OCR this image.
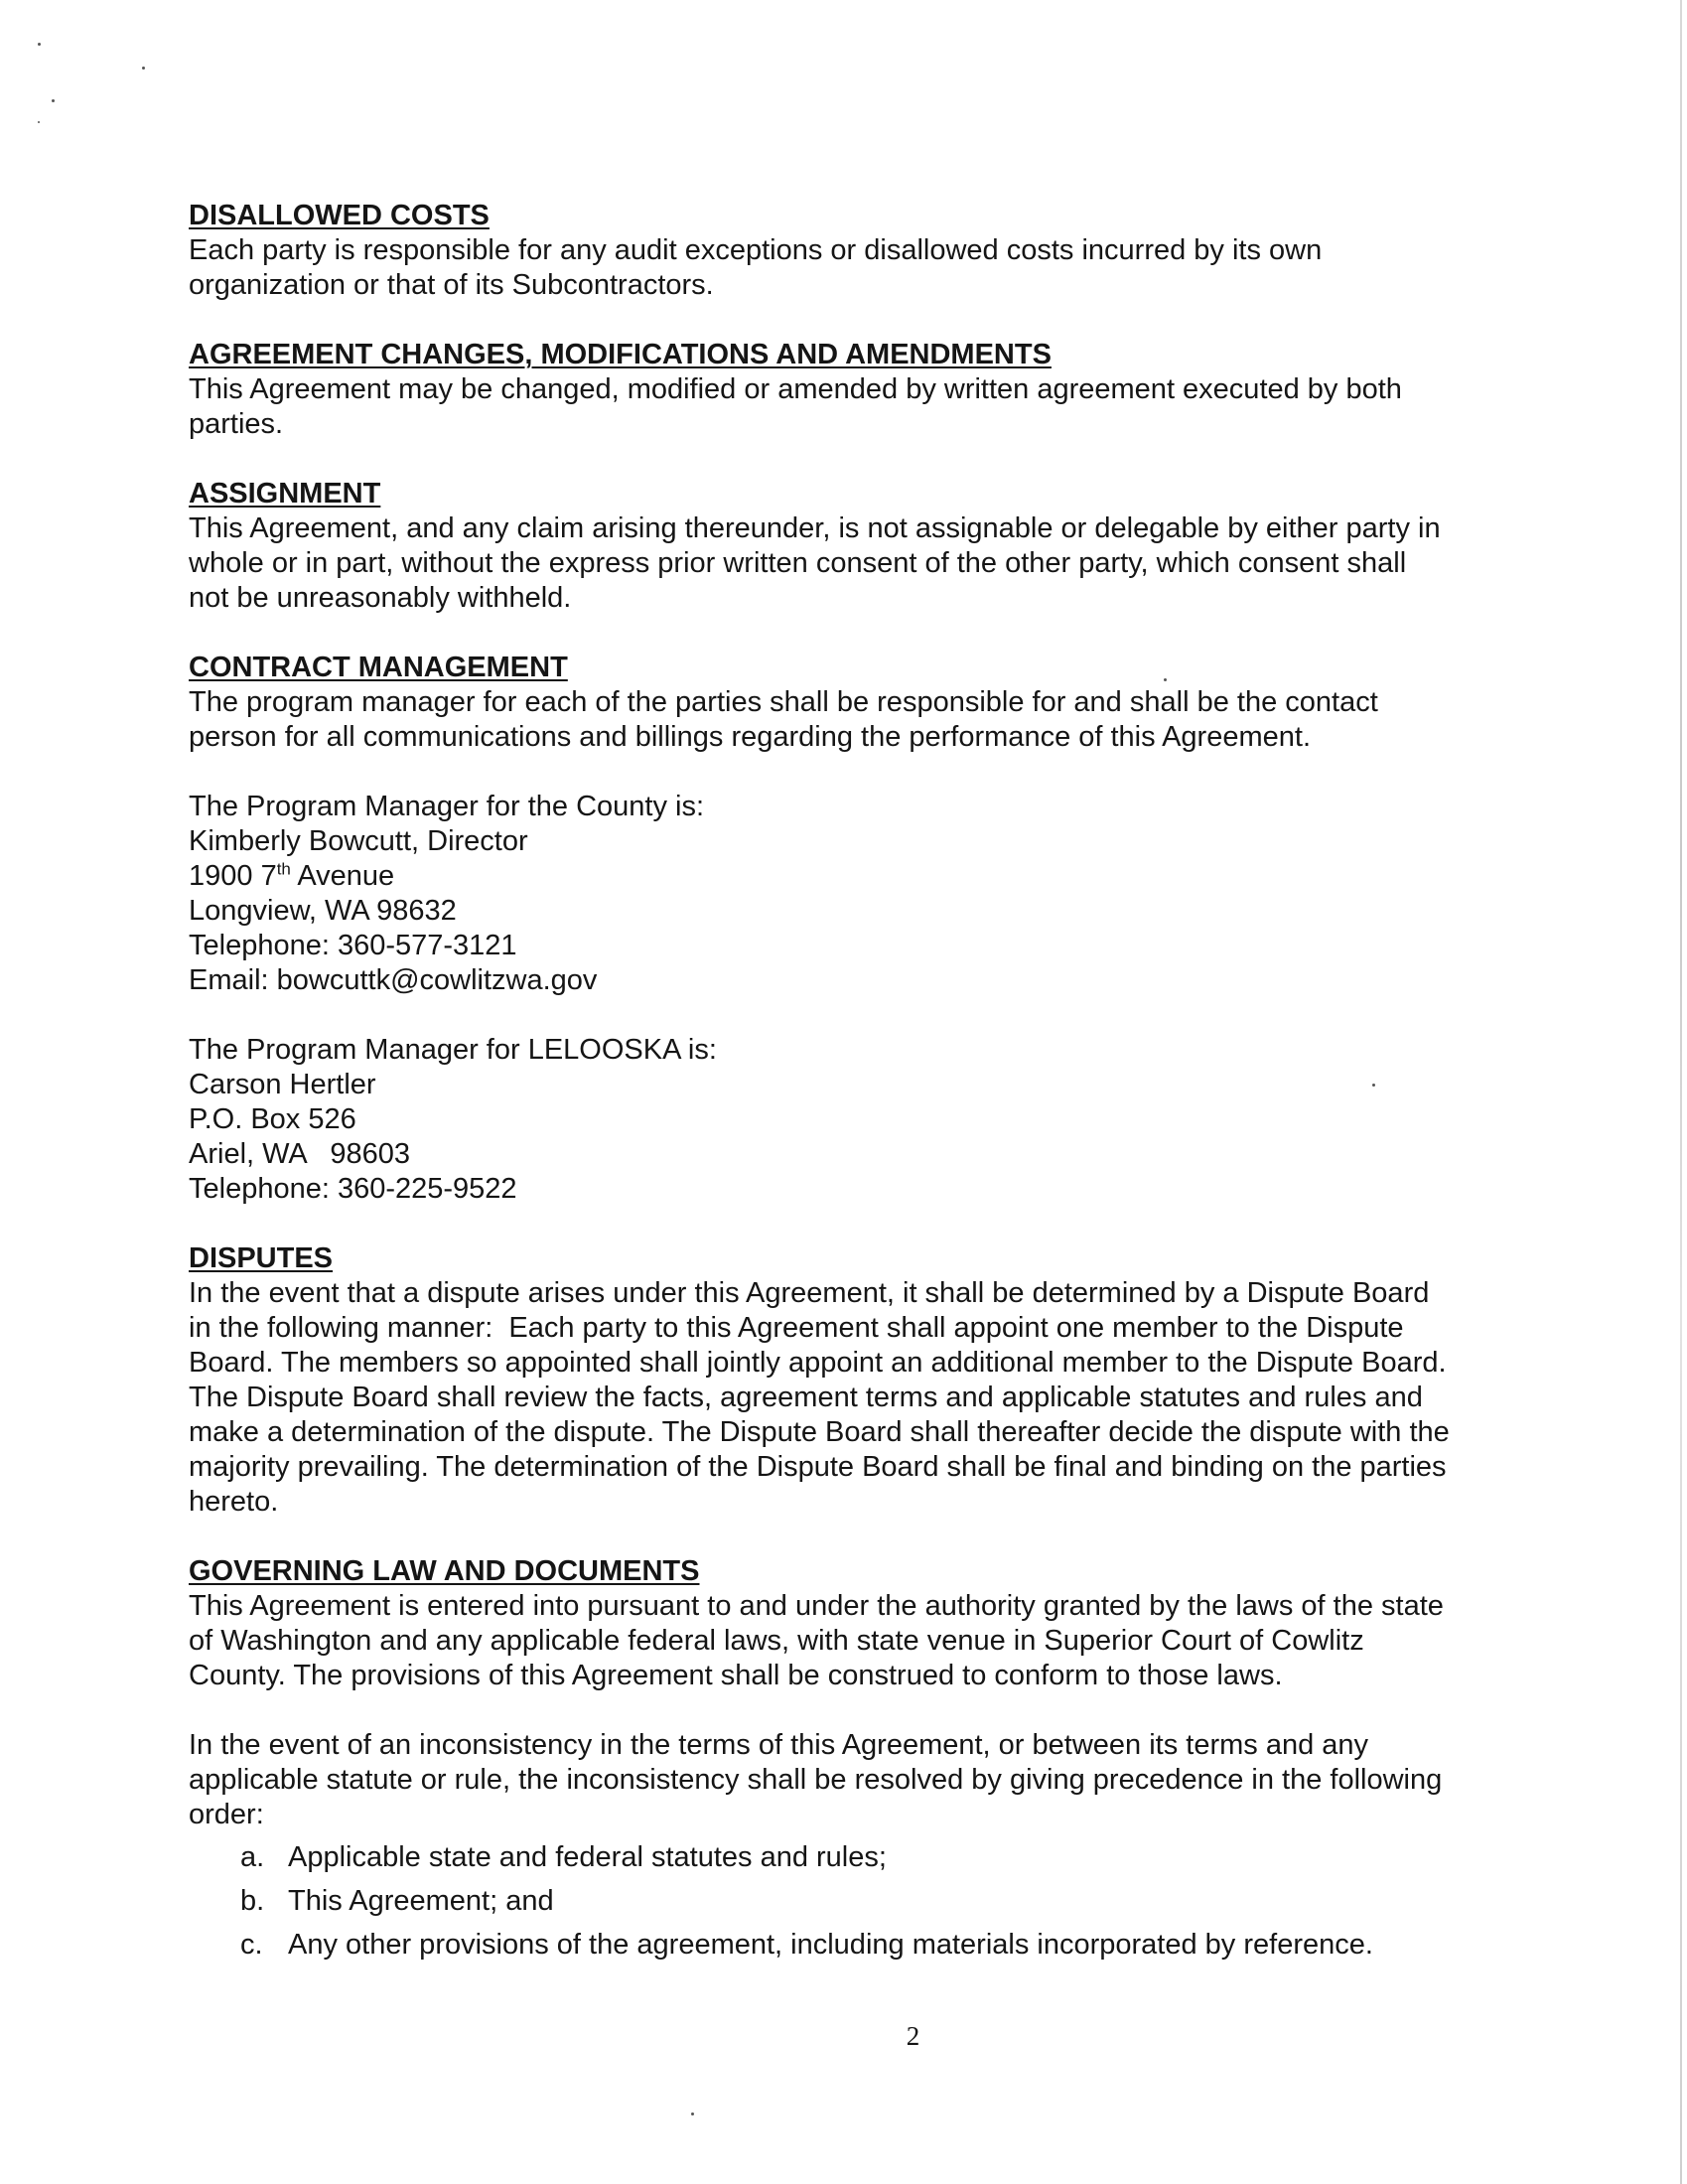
DISALLOWED COSTS
Each party is responsible for any audit exceptions or disallowed costs incurred by its own
organization or that of its Subcontractors.
AGREEMENT CHANGES, MODIFICATIONS AND AMENDMENTS
This Agreement may be changed, modified or amended by written agreement executed by both
parties.
ASSIGNMENT
This Agreement, and any claim arising thereunder, is not assignable or delegable by either party in
whole or in part, without the express prior written consent of the other party, which consent shall
not be unreasonably withheld.
CONTRACT MANAGEMENT
The program manager for each of the parties shall be responsible for and shall be the contact
person for all communications and billings regarding the performance of this Agreement.
The Program Manager for the County is:
Kimberly Bowcutt, Director
1900 7th Avenue
Longview, WA 98632
Telephone: 360-577-3121
Email: bowcuttk@cowlitzwa.gov
The Program Manager for LELOOSKA is:
Carson Hertler
P.O. Box 526
Ariel, WA   98603
Telephone: 360-225-9522
DISPUTES
In the event that a dispute arises under this Agreement, it shall be determined by a Dispute Board
in the following manner:  Each party to this Agreement shall appoint one member to the Dispute
Board. The members so appointed shall jointly appoint an additional member to the Dispute Board.
The Dispute Board shall review the facts, agreement terms and applicable statutes and rules and
make a determination of the dispute. The Dispute Board shall thereafter decide the dispute with the
majority prevailing. The determination of the Dispute Board shall be final and binding on the parties
hereto.
GOVERNING LAW AND DOCUMENTS
This Agreement is entered into pursuant to and under the authority granted by the laws of the state
of Washington and any applicable federal laws, with state venue in Superior Court of Cowlitz
County. The provisions of this Agreement shall be construed to conform to those laws.
In the event of an inconsistency in the terms of this Agreement, or between its terms and any
applicable statute or rule, the inconsistency shall be resolved by giving precedence in the following
order:
a. Applicable state and federal statutes and rules;
b. This Agreement; and
c. Any other provisions of the agreement, including materials incorporated by reference.
2
